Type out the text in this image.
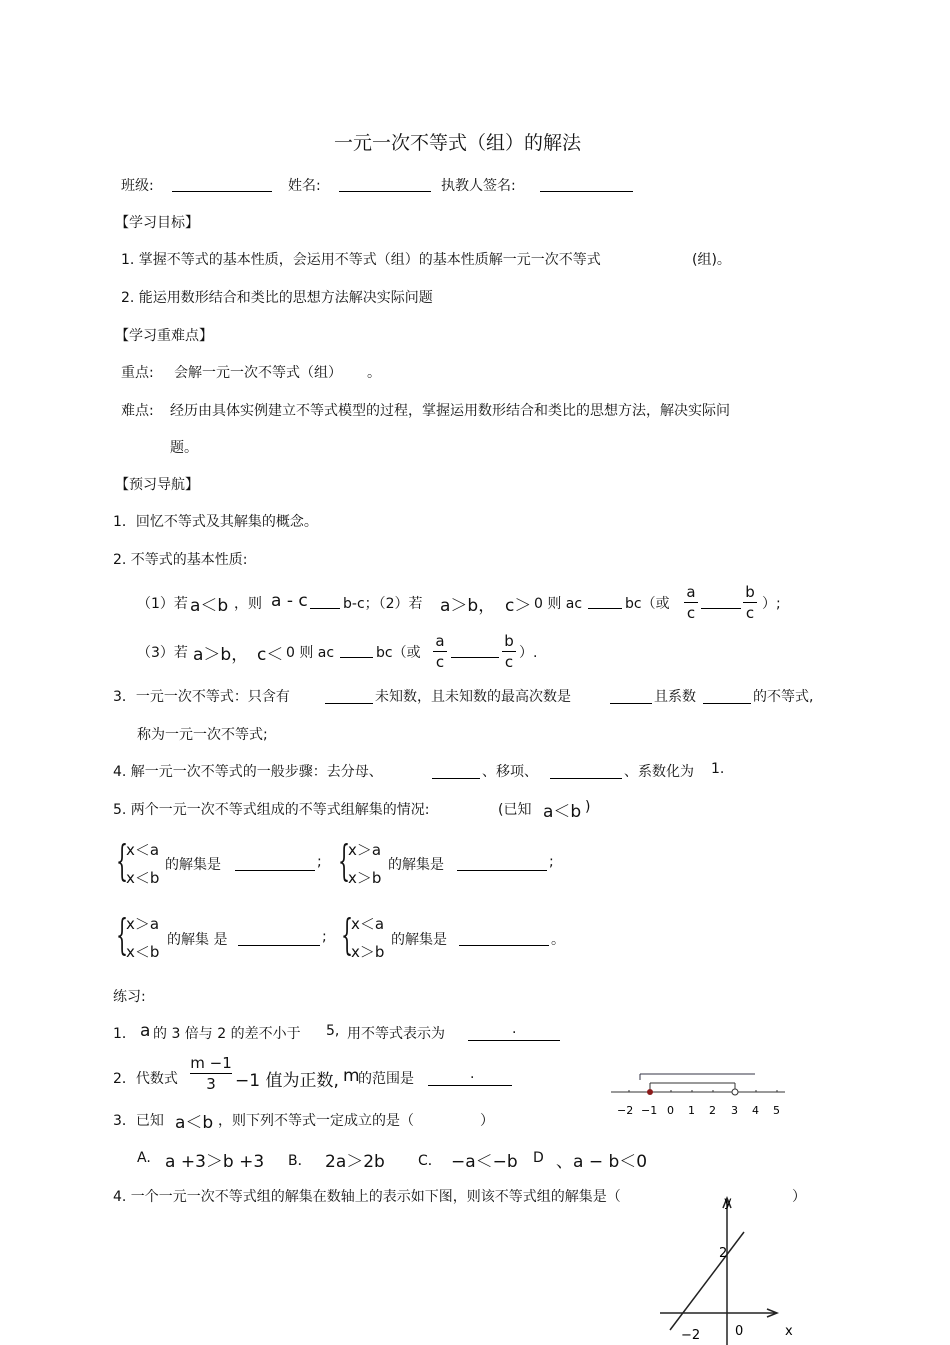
一元一次不等式（组）的解法
班级:	姓名:	执教人签名:
【学习目标】
1. 掌握不等式的基本性质，会运用不等式（组）的基本性质解一元一次不等式	(组)。
2. 能运用数形结合和类比的思想方法解决实际问题
【学习重难点】
重点: 会解一元一次不等式（组） 。
难点: 经历由具体实例建立不等式模型的过程，掌握运用数形结合和类比的思想方法，解决实际问
题。
【预习导航】
1．回忆不等式及其解集的概念。
2. 不等式的基本性质:
（1）若 a＜b ，则 a - c	b-c；（2）若 a＞b， c＞ 0 则 ac	bc（或
a
c
b
c ）;
（3）若 a＞b， c＜ 0 则 ac	bc（或
a
c
b
c ）.
3．一元一次不等式：只含有	未知数，且未知数的最高次数是	且系数	的不等式,
称为一元一次不等式;
4. 解一元一次不等式的一般步骤：去分母、	、移项、	、系数化为 1.
5. 两个一元一次不等式组成的不等式组解集的情况:	(已知 a＜b )
{
x＜a
x＜b
的解集是	; {
x＞a
x＞b
的解集是	;
{
x＞a
x＜b
的解集 是	; {
x＜a
x＞b
的解集是	。
练习:
1． a 的 3 倍与 2 的差不小于 5, 用不等式表示为	.
2．代数式
m −1
3	−1 值为正数, m
的范围是	.
−2 −1 0 1 2 3 4 5
3．已知 a＜b ，则下列不等式一定成立的是（	）
A. a +3＞b +3 B． 2a＞2b C． −a＜−b D 、a − b＜0
4. 一个一元一次不等式组的解集在数轴上的表示如下图，则该不等式组的解集是（	）
y
x
2
−2	0
